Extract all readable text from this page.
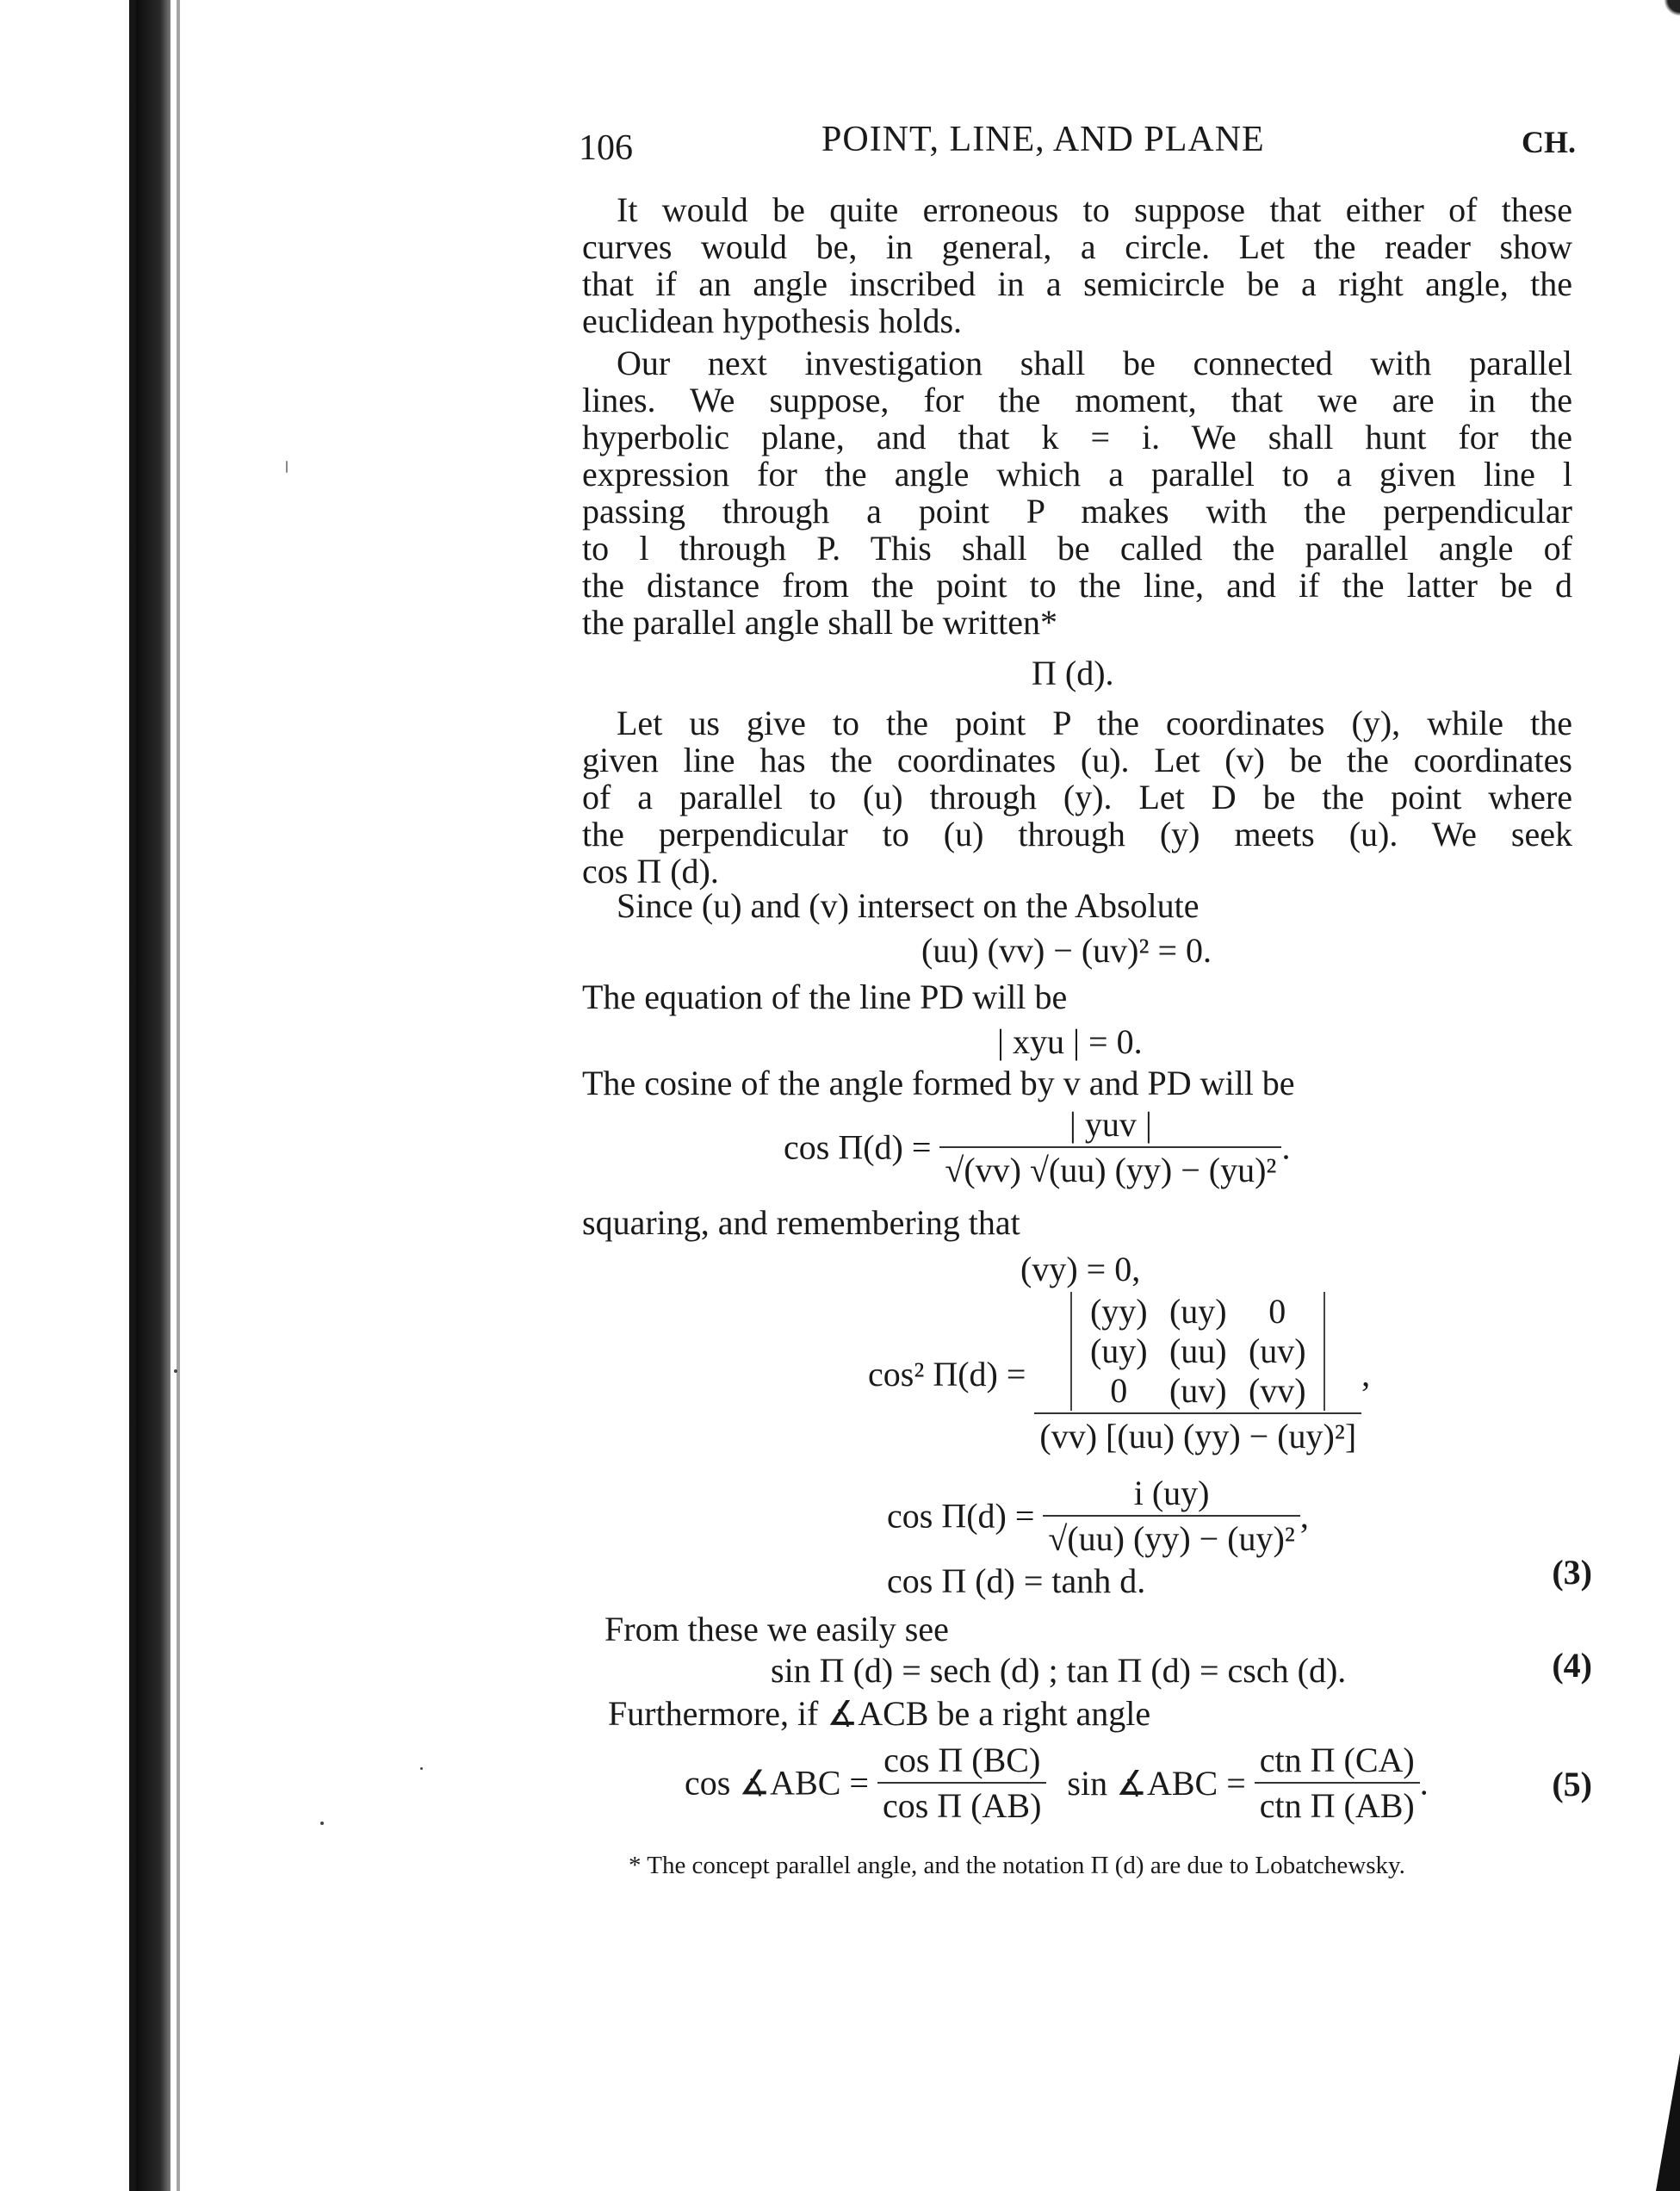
106	POINT, LINE, AND PLANE	CH.
It would be quite erroneous to suppose that either of these
curves would be, in general, a circle. Let the reader show
that if an angle inscribed in a semicircle be a right angle, the
euclidean hypothesis holds.
Our next investigation shall be connected with parallel
lines. We suppose, for the moment, that we are in the
hyperbolic plane, and that k = i. We shall hunt for the
expression for the angle which a parallel to a given line l
passing through a point P makes with the perpendicular
to l through P. This shall be called the parallel angle of
the distance from the point to the line, and if the latter be d
the parallel angle shall be written*
Π (d).
Let us give to the point P the coordinates (y), while the
given line has the coordinates (u). Let (v) be the coordinates
of a parallel to (u) through (y). Let D be the point where
the perpendicular to (u) through (y) meets (u). We seek
cos Π (d).
Since (u) and (v) intersect on the Absolute
(uu) (vv) − (uv)² = 0.
The equation of the line PD will be
| xyu | = 0.
The cosine of the angle formed by v and PD will be
$\cos \Pi(d) = \frac{\text{| yuv |}}{\text{√(vv) √(uu) (yy) − (yu)²}}$ .
squaring, and remembering that
(vy) = 0,
cos² Π(d) =
(yy) (uy) 0
(uy) (uu) (uv)
0 (uv) (vv)
(vv) [(uu) (yy) − (uy)²]
,
$\cos \Pi(d) = \frac{i (uy)}{\text{√(uu) (yy) − (uy)²}}$ ,
cos Π (d) = tanh d.	(3)
From these we easily see
sin Π (d) = sech (d) ; tan Π (d) = csch (d).	(4)
Furthermore, if ∡ACB be a right angle
cos ∡ABC = $\frac{\text{cos Π (BC)}}{\text{cos Π (AB)}}$ sin ∡ABC = $\frac{\text{ctn Π (CA)}}{\text{ctn Π (AB)}}$ .	(5)
* The concept parallel angle, and the notation Π (d) are due to Lobatchewsky.
